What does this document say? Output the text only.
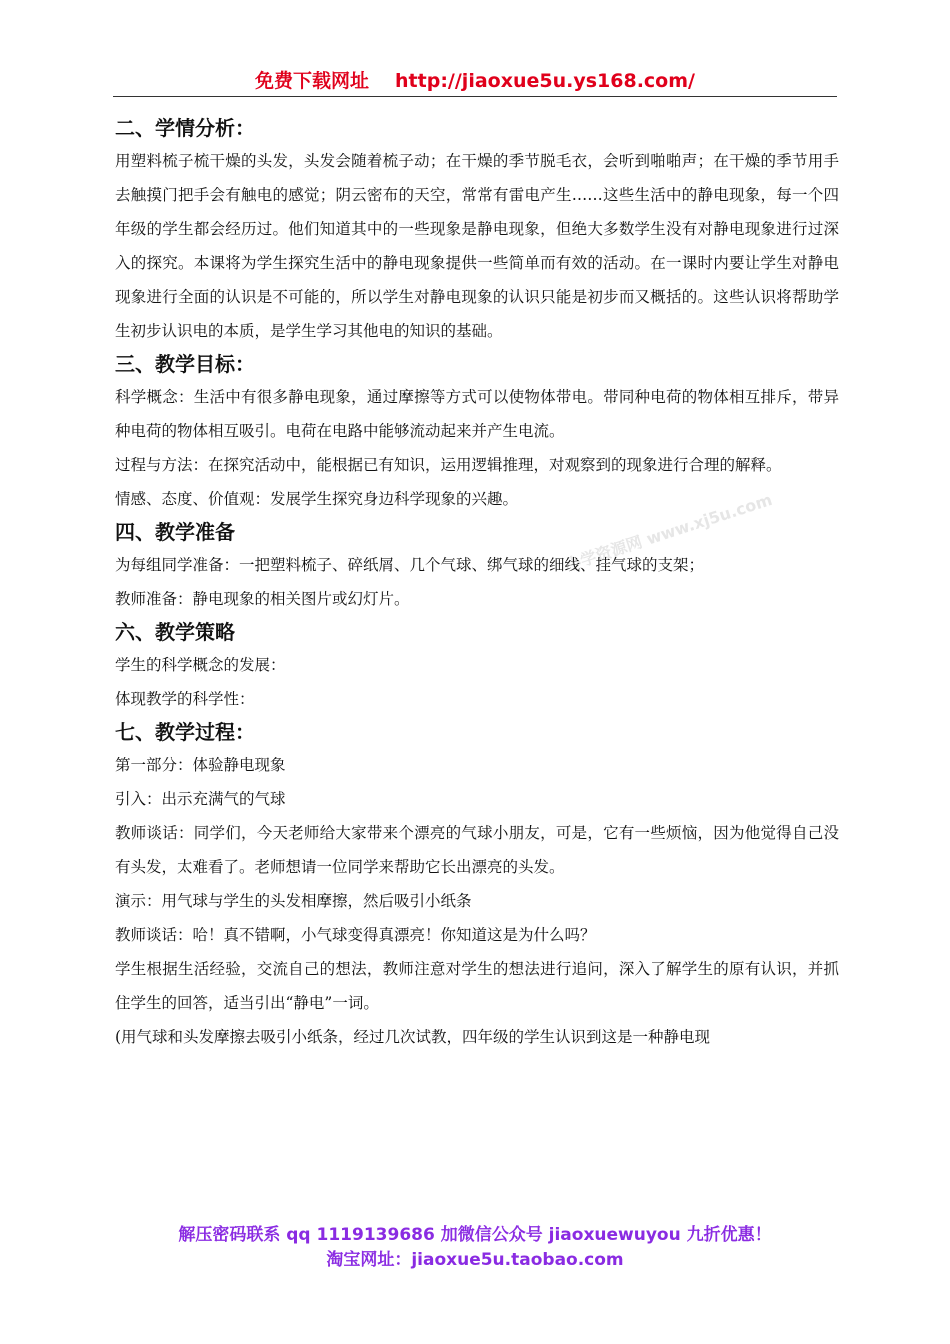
免费下载网址 http://jiaoxue5u.ys168.com/
小学资源网 www.xj5u.com
二、学情分析：
用塑料梳子梳干燥的头发，头发会随着梳子动；在干燥的季节脱毛衣，会听到啪啪声；在干燥的季节用手去触摸门把手会有触电的感觉；阴云密布的天空，常常有雷电产生……这些生活中的静电现象，每一个四年级的学生都会经历过。他们知道其中的一些现象是静电现象，但绝大多数学生没有对静电现象进行过深入的探究。本课将为学生探究生活中的静电现象提供一些简单而有效的活动。在一课时内要让学生对静电现象进行全面的认识是不可能的，所以学生对静电现象的认识只能是初步而又概括的。这些认识将帮助学生初步认识电的本质，是学生学习其他电的知识的基础。
三、教学目标：
科学概念：生活中有很多静电现象，通过摩擦等方式可以使物体带电。带同种电荷的物体相互排斥，带异种电荷的物体相互吸引。电荷在电路中能够流动起来并产生电流。
过程与方法：在探究活动中，能根据已有知识，运用逻辑推理，对观察到的现象进行合理的解释。
情感、态度、价值观：发展学生探究身边科学现象的兴趣。
四、教学准备
为每组同学准备：一把塑料梳子、碎纸屑、几个气球、绑气球的细线、挂气球的支架；
教师准备：静电现象的相关图片或幻灯片。
六、教学策略
学生的科学概念的发展：
体现教学的科学性：
七、教学过程：
第一部分：体验静电现象
引入：出示充满气的气球
教师谈话：同学们，今天老师给大家带来个漂亮的气球小朋友，可是，它有一些烦恼，因为他觉得自己没有头发，太难看了。老师想请一位同学来帮助它长出漂亮的头发。
演示：用气球与学生的头发相摩擦，然后吸引小纸条
教师谈话：哈！真不错啊，小气球变得真漂亮！你知道这是为什么吗？
学生根据生活经验，交流自己的想法，教师注意对学生的想法进行追问，深入了解学生的原有认识，并抓住学生的回答，适当引出“静电”一词。
(用气球和头发摩擦去吸引小纸条，经过几次试教，四年级的学生认识到这是一种静电现
解压密码联系 qq 1119139686 加微信公众号 jiaoxuewuyou 九折优惠！
淘宝网址：jiaoxue5u.taobao.com
